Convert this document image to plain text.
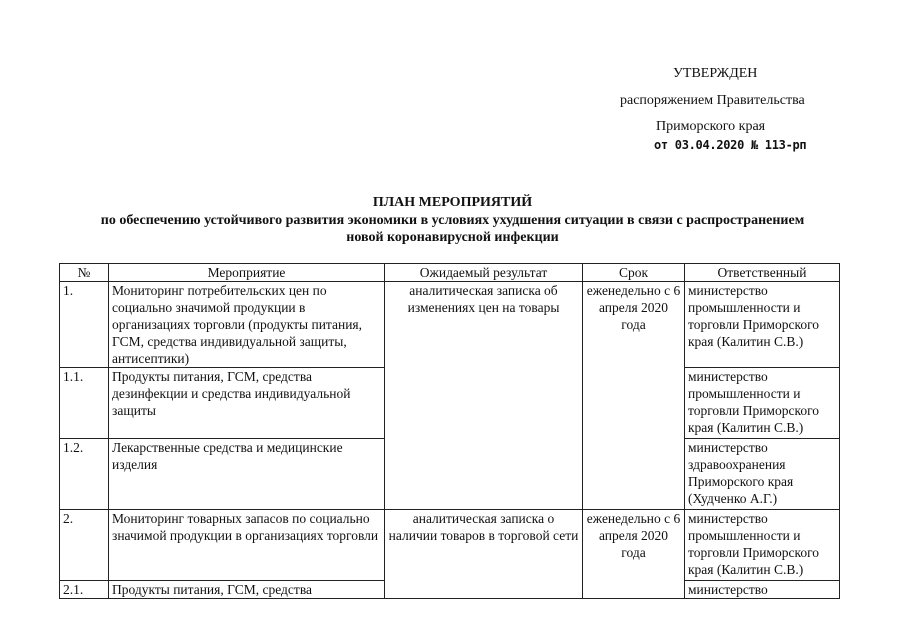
УТВЕРЖДЕН
распоряжением Правительства
Приморского края
от 03.04.2020 № 113-рп
ПЛАН МЕРОПРИЯТИЙ
по обеспечению устойчивого развития экономики в условиях ухудшения ситуации в связи с распространением
новой коронавирусной инфекции
№	Мероприятие	Ожидаемый результат	Срок	Ответственный
1.	Мониторинг потребительских цен по социально значимой продукции в организациях торговли (продукты питания, ГСМ, средства индивидуальной защиты, антисептики)	аналитическая записка об изменениях цен на товары	еженедельно с 6 апреля 2020 года	министерство промышленности и торговли Приморского края (Калитин С.В.)
1.1.	Продукты питания, ГСМ, средства дезинфекции и средства индивидуальной защиты			министерство промышленности и торговли Приморского края (Калитин С.В.)
1.2.	Лекарственные средства и медицинские изделия			министерство здравоохранения Приморского края (Худченко А.Г.)
2.	Мониторинг товарных запасов по социально значимой продукции в организациях торговли	аналитическая записка о наличии товаров в торговой сети	еженедельно с 6 апреля 2020 года	министерство промышленности и торговли Приморского края (Калитин С.В.)
2.1.	Продукты питания, ГСМ, средства			министерство
